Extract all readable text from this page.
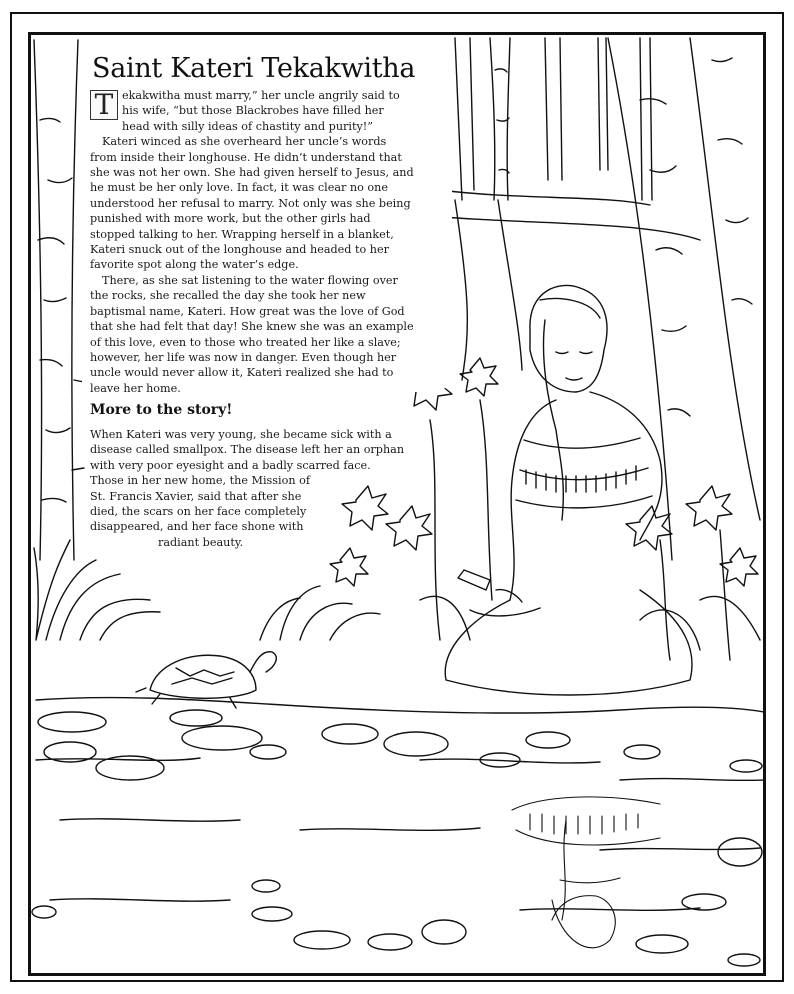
Saint Kateri Tekakwitha

T ekakwitha must marry,” her uncle angrily said to his wife, “but those Blackrobes have filled her head with silly ideas of chastity and purity!”

Kateri winced as she overheard her uncle’s words from inside their longhouse. He didn’t understand that she was not her own. She had given herself to Jesus, and he must be her only love. In fact, it was clear no one understood her refusal to marry. Not only was she being punished with more work, but the other girls had stopped talking to her. Wrapping herself in a blanket, Kateri snuck out of the longhouse and headed to her favorite spot along the water’s edge.

There, as she sat listening to the water flowing over the rocks, she recalled the day she took her new baptismal name, Kateri. How great was the love of God that she had felt that day! She knew she was an example of this love, even to those who treated her like a slave; however, her life was now in danger. Even though her uncle would never allow it, Kateri realized she had to leave her home.

More to the story!
When Kateri was very young, she became sick with a
disease called smallpox. The disease left her an orphan
with very poor eyesight and a badly scarred face.
Those in her new home, the Mission of
St. Francis Xavier, said that after she
died, the scars on her face completely
disappeared, and her face shone with
radiant beauty.
